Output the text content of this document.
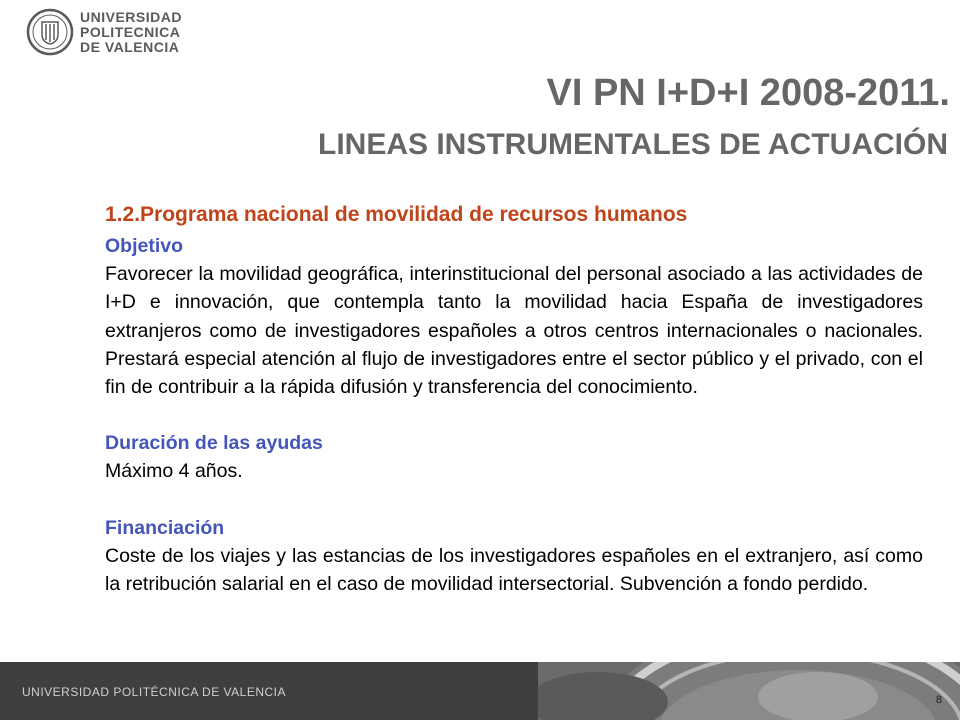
UNIVERSIDAD
POLITECNICA
DE VALENCIA
VI PN I+D+I 2008-2011.
LINEAS INSTRUMENTALES DE ACTUACIÓN
1.2.Programa nacional de movilidad de recursos humanos
Objetivo

Favorecer la movilidad geográfica, interinstitucional del personal asociado a las actividades de I+D e innovación, que contempla tanto la movilidad hacia España de investigadores extranjeros como de investigadores españoles a otros centros internacionales o nacionales. Prestará especial atención al flujo de investigadores entre el sector público y el privado, con el fin de contribuir a la rápida difusión y transferencia del conocimiento.

Duración de las ayudas

Máximo 4 años.

Financiación

Coste de los viajes y las estancias de los investigadores españoles en el extranjero, así como la retribución salarial en el caso de movilidad intersectorial. Subvención a fondo perdido.

UNIVERSIDAD POLITÉCNICA DE VALENCIA
8
